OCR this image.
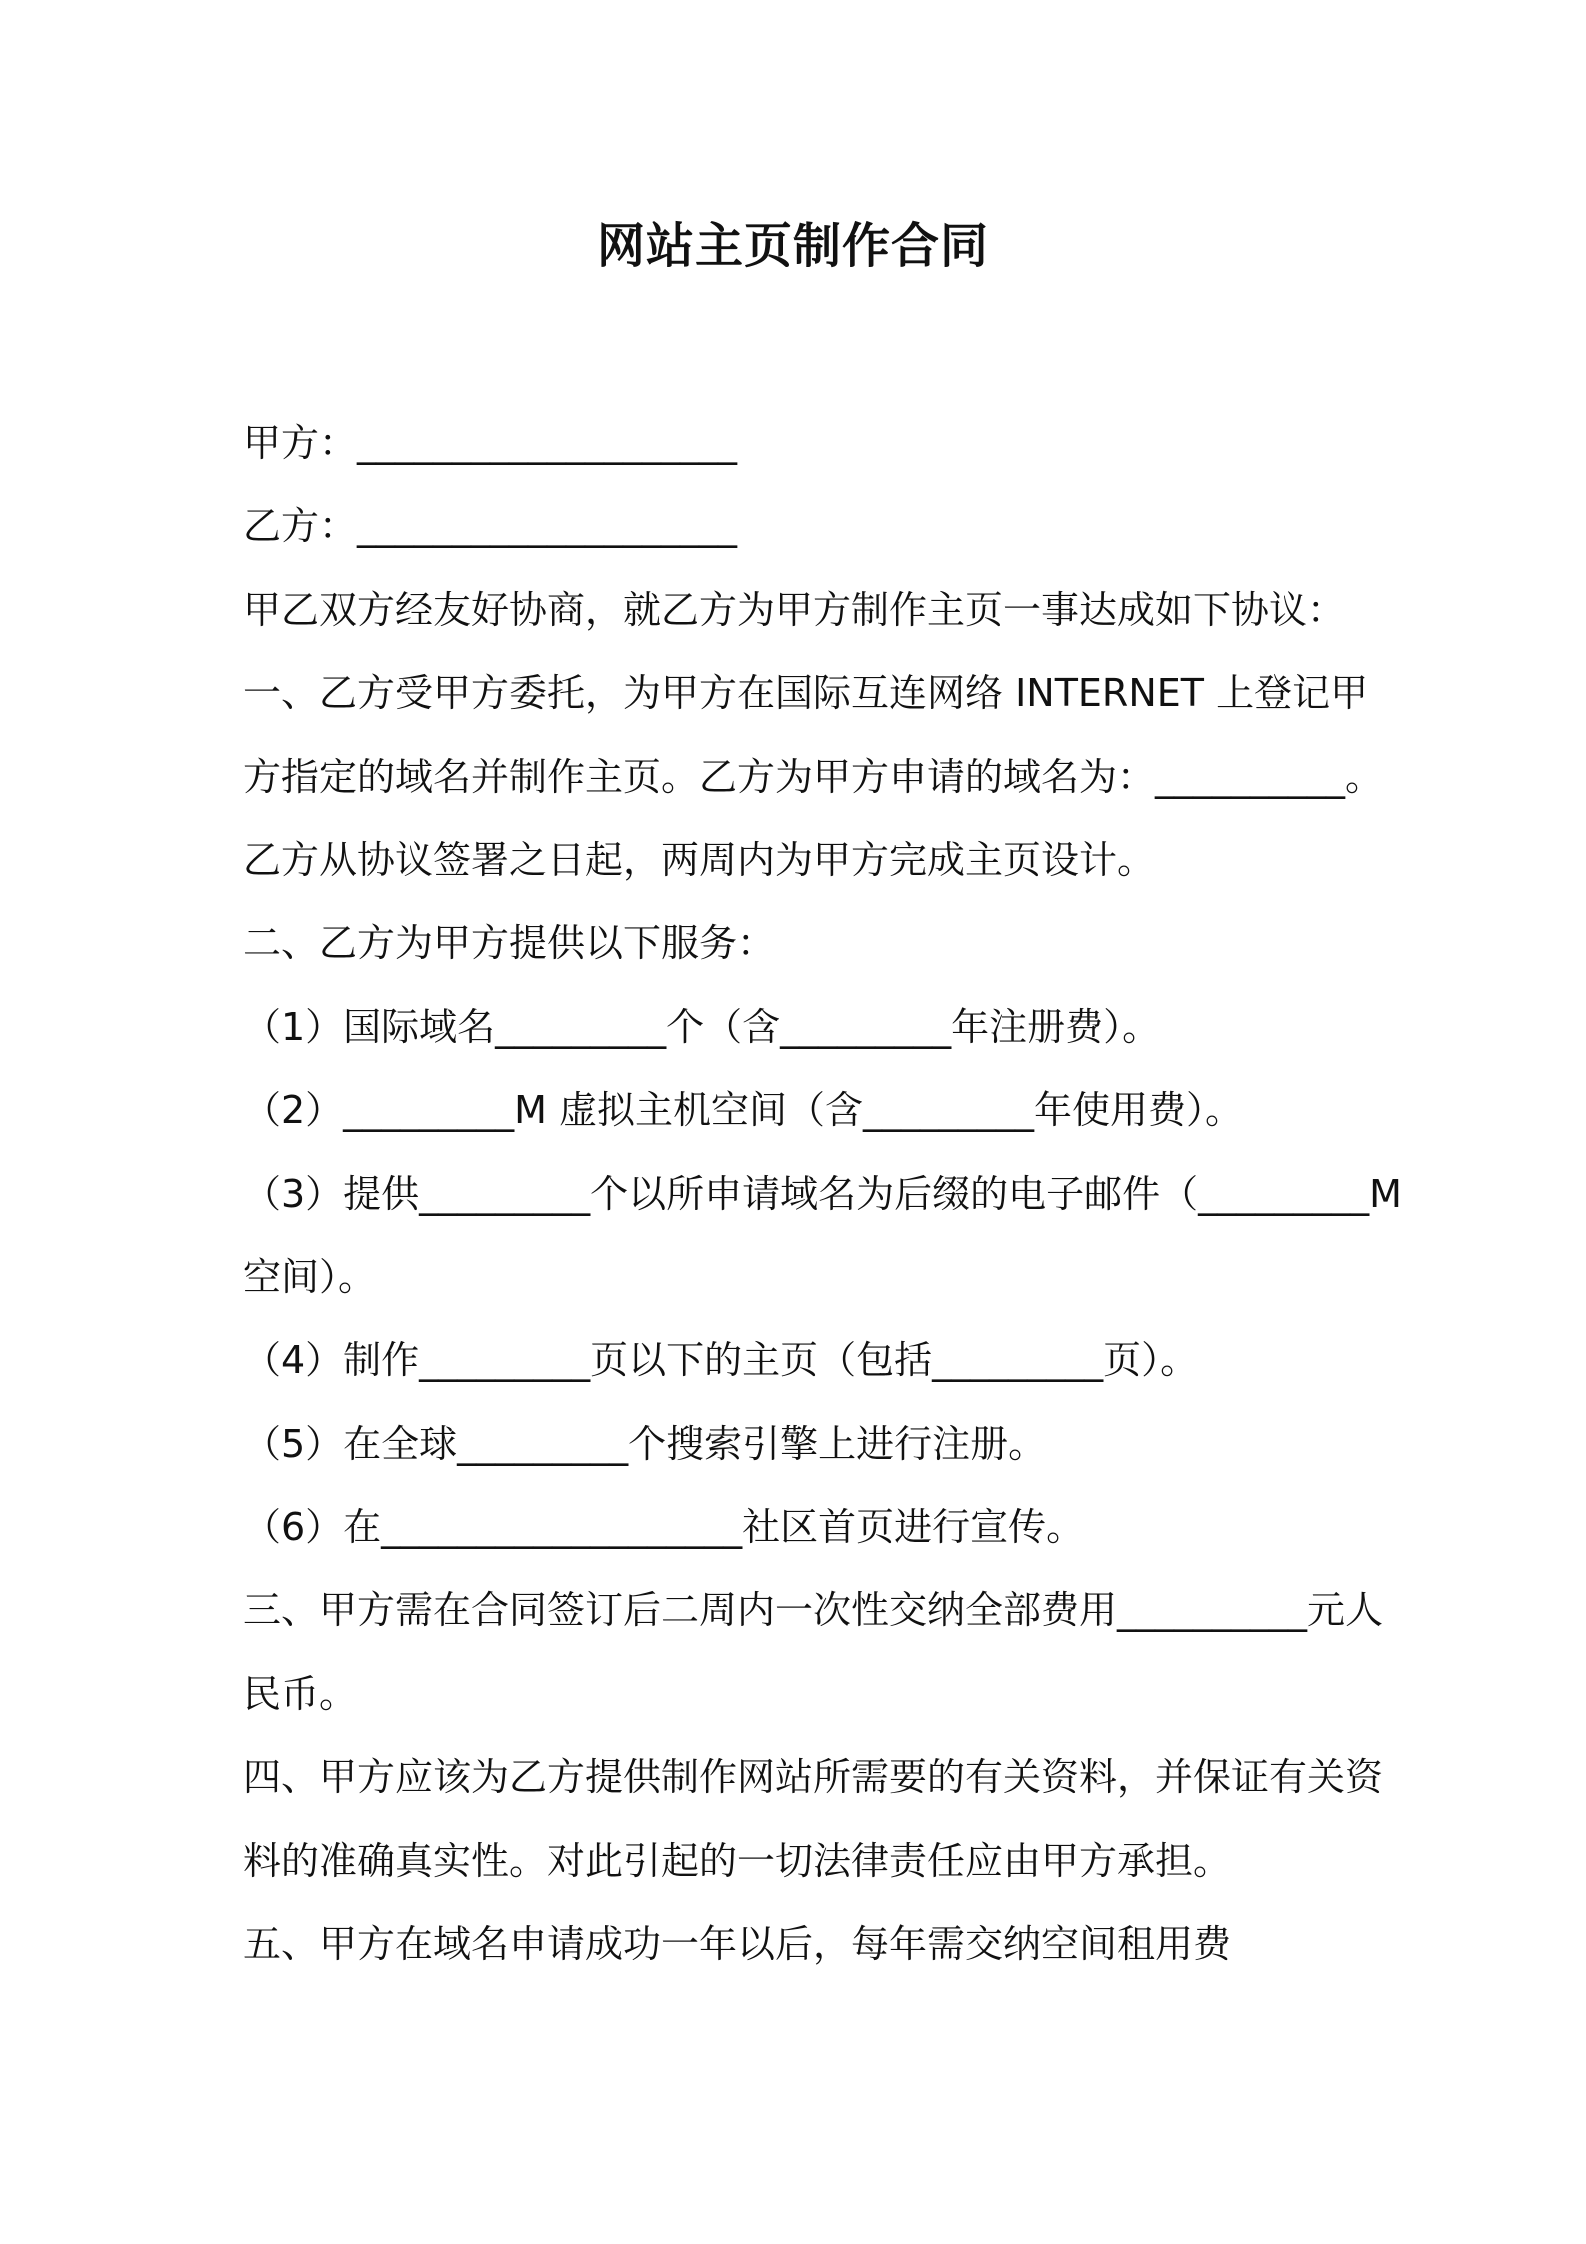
网站主页制作合同

甲方：____________________

乙方：____________________

甲乙双方经友好协商，就乙方为甲方制作主页一事达成如下协议：

一、乙方受甲方委托，为甲方在国际互连网络 INTERNET 上登记甲

方指定的域名并制作主页。乙方为甲方申请的域名为：__________。

乙方从协议签署之日起，两周内为甲方完成主页设计。

二、乙方为甲方提供以下服务：

（1）国际域名_________个（含_________年注册费）。

（2）_________M 虚拟主机空间（含_________年使用费）。

（3）提供_________个以所申请域名为后缀的电子邮件（_________M

空间）。

（4）制作_________页以下的主页（包括_________页）。

（5）在全球_________个搜索引擎上进行注册。

（6）在___________________社区首页进行宣传。

三、甲方需在合同签订后二周内一次性交纳全部费用__________元人

民币。

四、甲方应该为乙方提供制作网站所需要的有关资料，并保证有关资

料的准确真实性。对此引起的一切法律责任应由甲方承担。

五、甲方在域名申请成功一年以后，每年需交纳空间租用费
